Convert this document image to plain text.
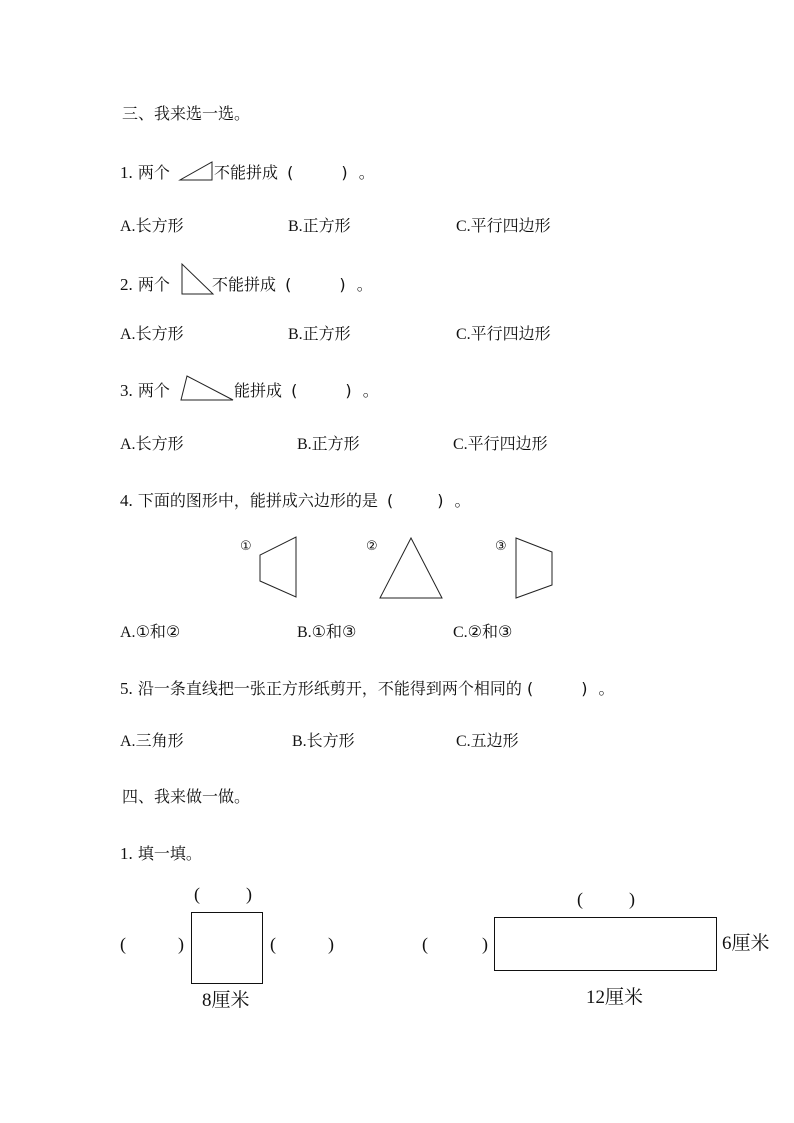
三、我来选一选。
1. 两个	不能拼成 (	) 。
A.长方形	B.正方形	C.平行四边形
2. 两个	不能拼成 (	) 。
A.长方形	B.正方形	C.平行四边形
3. 两个	能拼成 (	) 。
A.长方形	B.正方形	C.平行四边形
4. 下面的图形中，能拼成六边形的是 (	) 。
①	②	③
A.①和②	B.①和③	C.②和③
5. 沿一条直线把一张正方形纸剪开，不能得到两个相同的 (	) 。
A.三角形	B.长方形	C.五边形
四、我来做一做。
1. 填一填。
(	)
(	)	(	)
8厘米
(	)
(	)	6厘米
12厘米
